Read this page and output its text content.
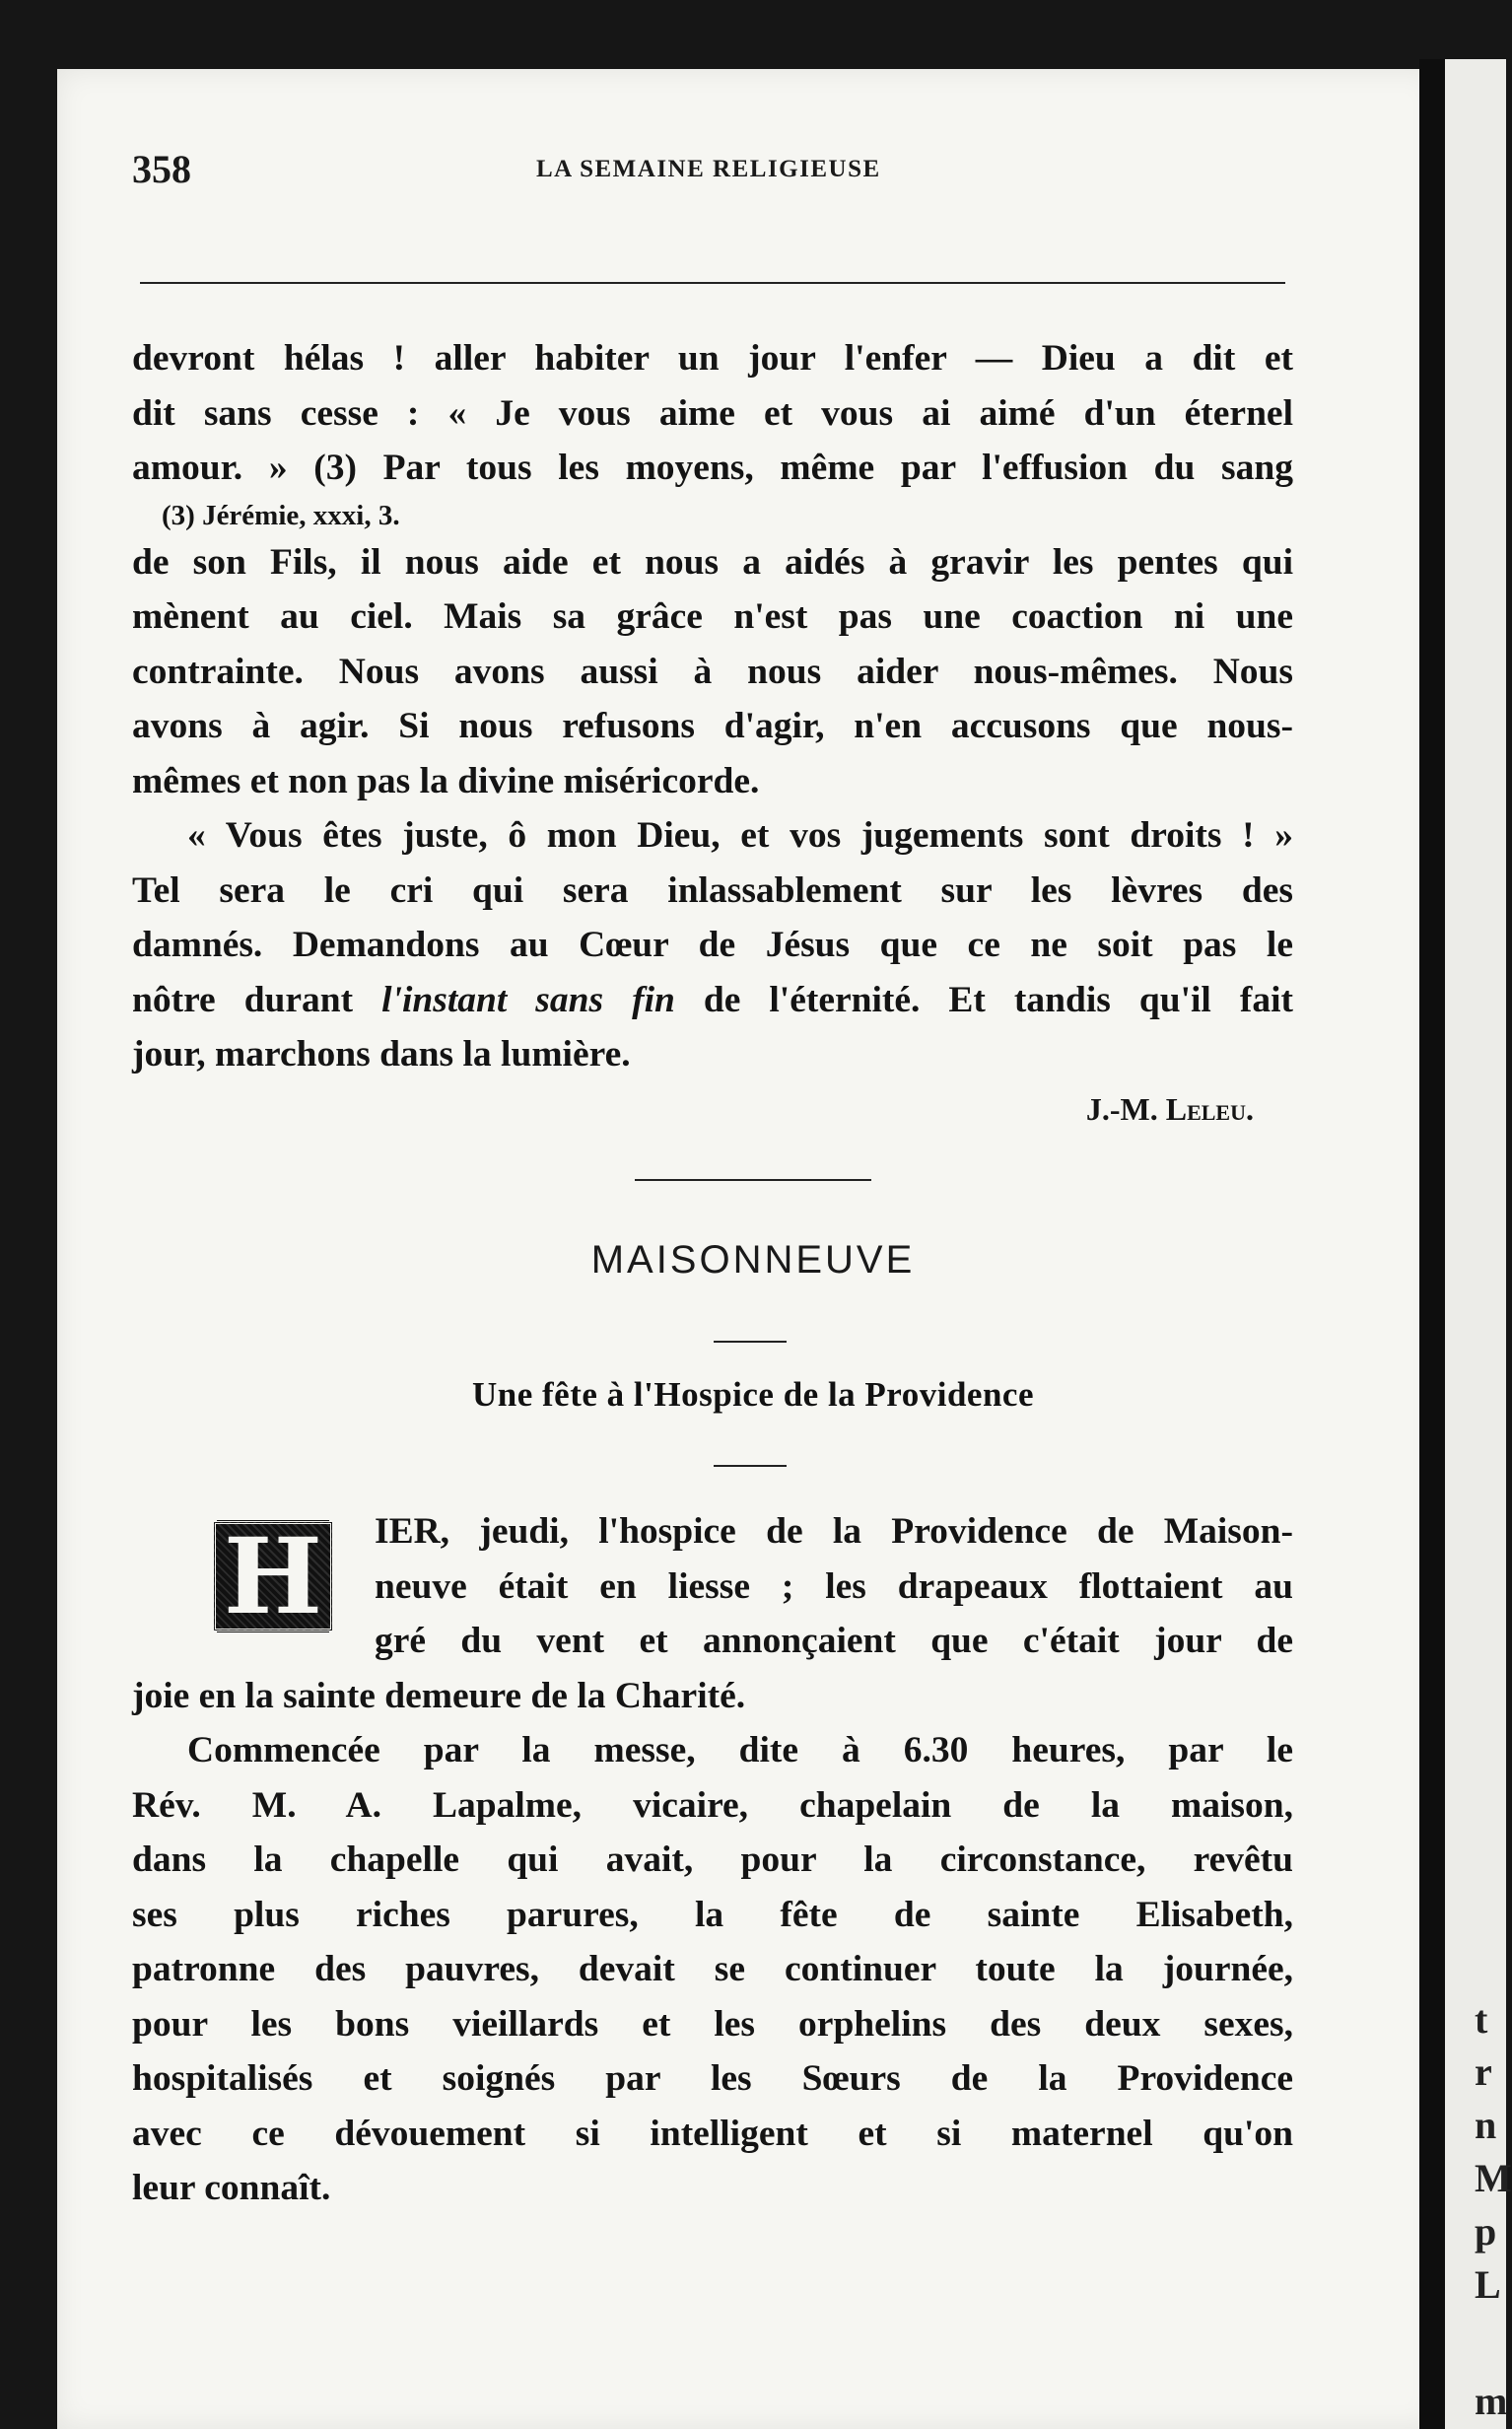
t
r
n
M
p
L
m
358	LA SEMAINE RELIGIEUSE

devront hélas ! aller habiter un jour l'enfer — Dieu a dit et

dit sans cesse : « Je vous aime et vous ai aimé d'un éternel

amour. » (3) Par tous les moyens, même par l'effusion du sang

(3) Jérémie, xxxi, 3.

de son Fils, il nous aide et nous a aidés à gravir les pentes qui

mènent au ciel. Mais sa grâce n'est pas une coaction ni une

contrainte. Nous avons aussi à nous aider nous-mêmes. Nous

avons à agir. Si nous refusons d'agir, n'en accusons que nous-

mêmes et non pas la divine miséricorde.

« Vous êtes juste, ô mon Dieu, et vos jugements sont droits ! »

Tel sera le cri qui sera inlassablement sur les lèvres des

damnés. Demandons au Cœur de Jésus que ce ne soit pas le

nôtre durant l'instant sans fin de l'éternité. Et tandis qu'il fait

jour, marchons dans la lumière.

J.-M. Leleu.

MAISONNEUVE
Une fête à l'Hospice de la Providence
H IER, jeudi, l'hospice de la Providence de Maison-

neuve était en liesse ; les drapeaux flottaient au

gré du vent et annonçaient que c'était jour de

joie en la sainte demeure de la Charité.

Commencée par la messe, dite à 6.30 heures, par le

Rév. M. A. Lapalme, vicaire, chapelain de la maison,

dans la chapelle qui avait, pour la circonstance, revêtu

ses plus riches parures, la fête de sainte Elisabeth,

patronne des pauvres, devait se continuer toute la journée,

pour les bons vieillards et les orphelins des deux sexes,

hospitalisés et soignés par les Sœurs de la Providence

avec ce dévouement si intelligent et si maternel qu'on

leur connaît.
